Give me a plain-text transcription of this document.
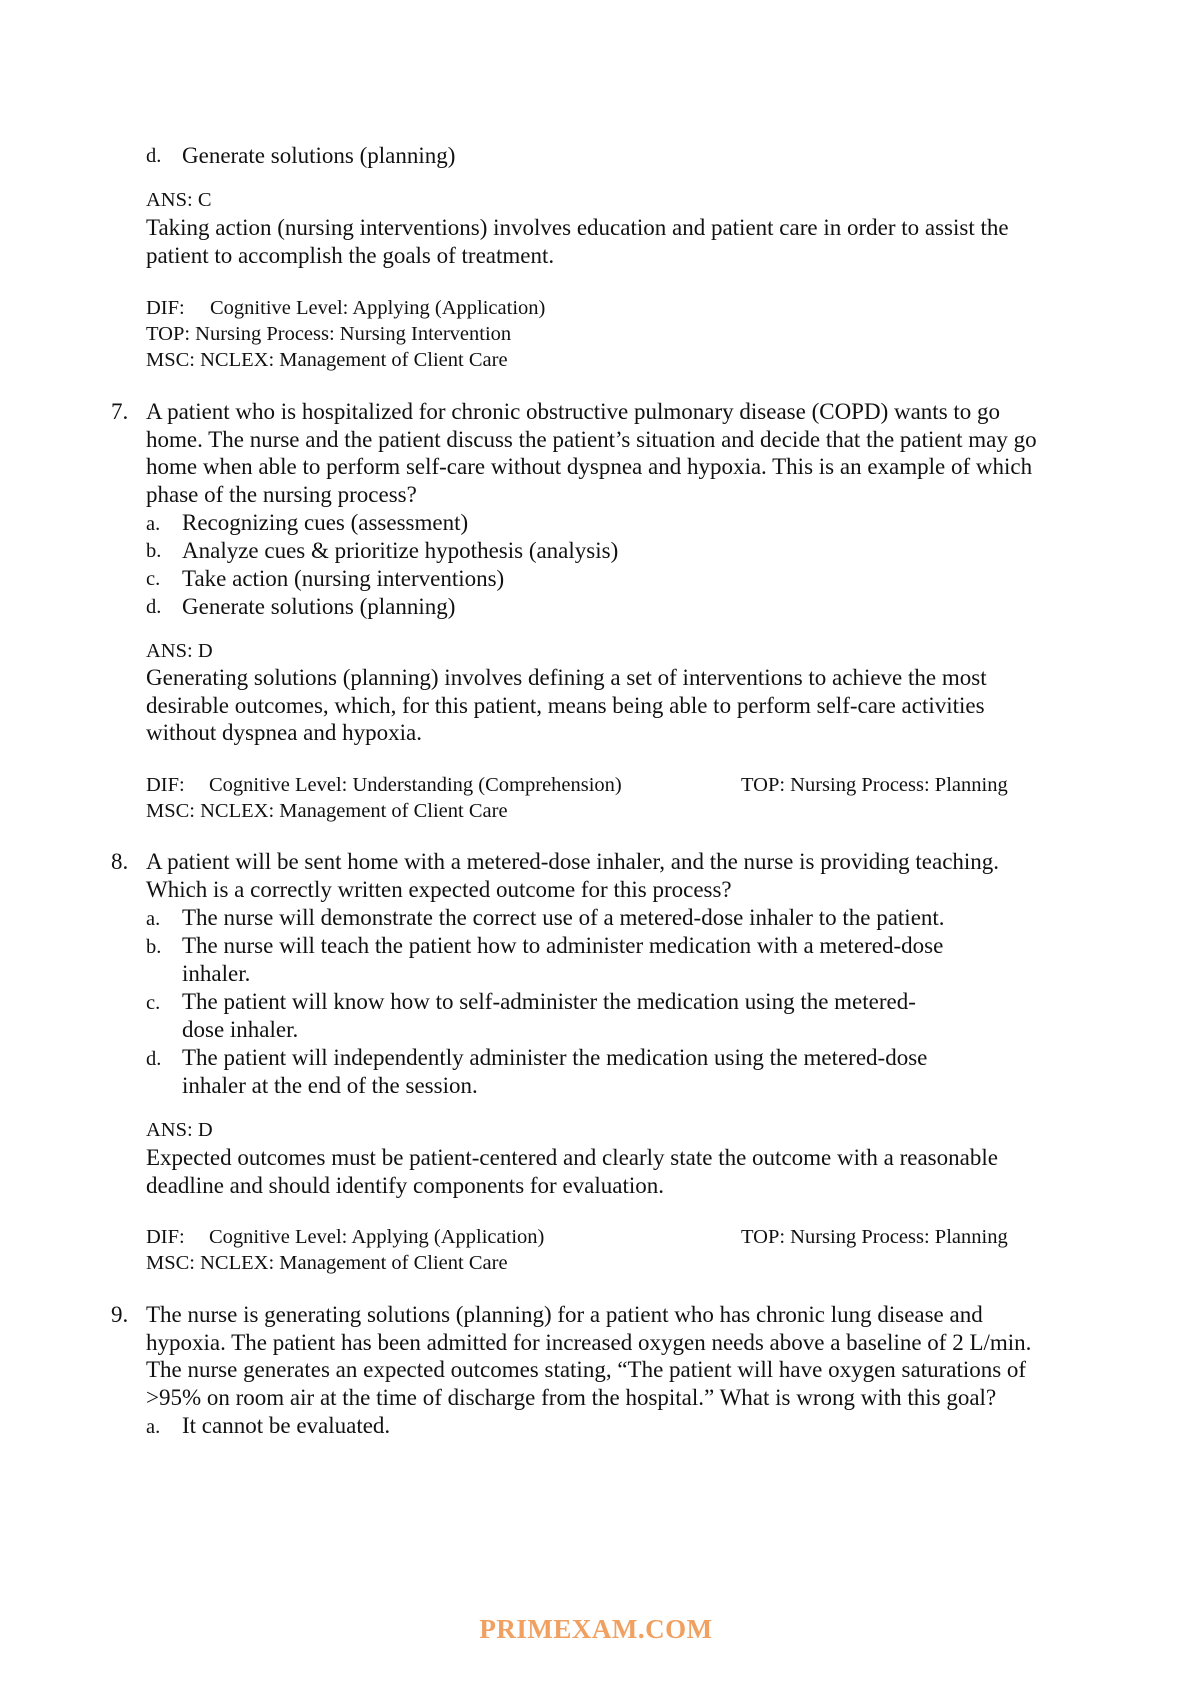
d. Generate solutions (planning)
ANS: C
Taking action (nursing interventions) involves education and patient care in order to assist the
patient to accomplish the goals of treatment.
DIF: Cognitive Level: Applying (Application)
TOP: Nursing Process: Nursing Intervention
MSC: NCLEX: Management of Client Care
7. A patient who is hospitalized for chronic obstructive pulmonary disease (COPD) wants to go
home. The nurse and the patient discuss the patient’s situation and decide that the patient may go
home when able to perform self-care without dyspnea and hypoxia. This is an example of which
phase of the nursing process?
a. Recognizing cues (assessment)
b. Analyze cues & prioritize hypothesis (analysis)
c. Take action (nursing interventions)
d. Generate solutions (planning)
ANS: D
Generating solutions (planning) involves defining a set of interventions to achieve the most
desirable outcomes, which, for this patient, means being able to perform self-care activities
without dyspnea and hypoxia.
DIF: Cognitive Level: Understanding (Comprehension)	TOP: Nursing Process: Planning
MSC: NCLEX: Management of Client Care
8. A patient will be sent home with a metered-dose inhaler, and the nurse is providing teaching.
Which is a correctly written expected outcome for this process?
a. The nurse will demonstrate the correct use of a metered-dose inhaler to the patient.
b. The nurse will teach the patient how to administer medication with a metered-dose
inhaler.
c. The patient will know how to self-administer the medication using the metered-
dose inhaler.
d. The patient will independently administer the medication using the metered-dose
inhaler at the end of the session.
ANS: D
Expected outcomes must be patient-centered and clearly state the outcome with a reasonable
deadline and should identify components for evaluation.
DIF: Cognitive Level: Applying (Application)	TOP: Nursing Process: Planning
MSC: NCLEX: Management of Client Care
9. The nurse is generating solutions (planning) for a patient who has chronic lung disease and
hypoxia. The patient has been admitted for increased oxygen needs above a baseline of 2 L/min.
The nurse generates an expected outcomes stating, “The patient will have oxygen saturations of
>95% on room air at the time of discharge from the hospital.” What is wrong with this goal?
a. It cannot be evaluated.
PRIMEXAM.COM
